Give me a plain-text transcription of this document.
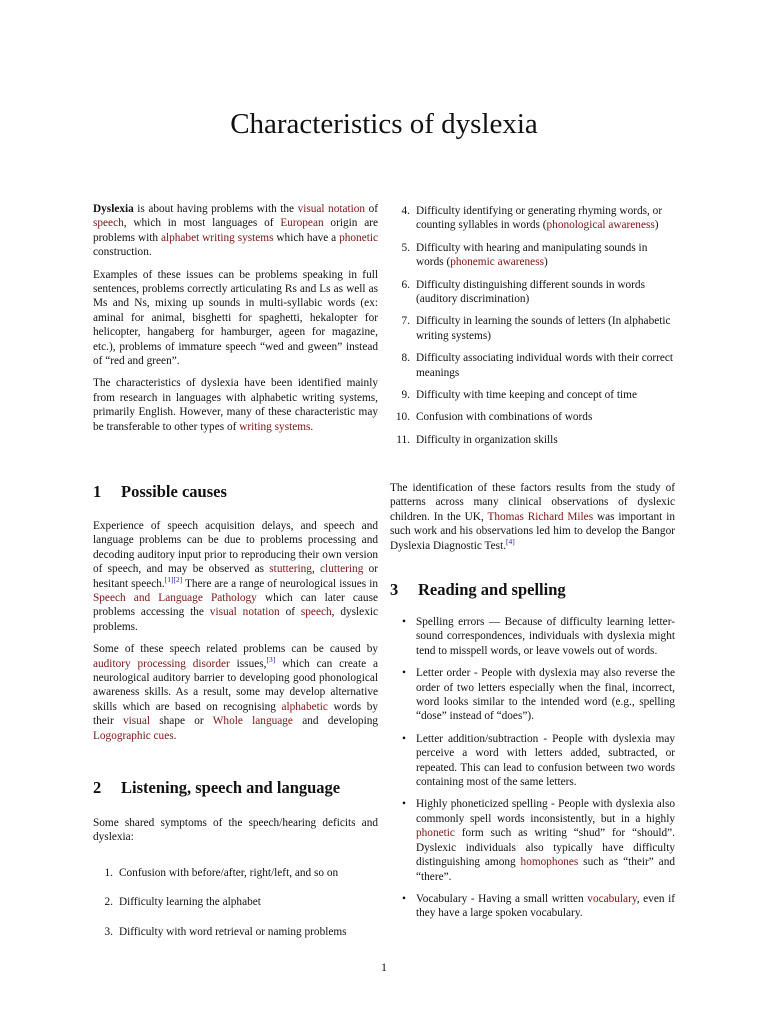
Characteristics of dyslexia

Dyslexia is about having problems with the visual notation of speech, which in most languages of European origin are problems with alphabet writing systems which have a phonetic construction.

Examples of these issues can be problems speaking in full sentences, problems correctly articulating Rs and Ls as well as Ms and Ns, mixing up sounds in multi-syllabic words (ex: aminal for animal, bisghetti for spaghetti, hekalopter for helicopter, hangaberg for hamburger, ageen for magazine, etc.), problems of immature speech “wed and gween” instead of “red and green”.

The characteristics of dyslexia have been identified mainly from research in languages with alphabetic writing systems, primarily English. However, many of these characteristic may be transferable to other types of writing systems.

1 Possible causes

Experience of speech acquisition delays, and speech and language problems can be due to problems processing and decoding auditory input prior to reproducing their own version of speech, and may be observed as stuttering, cluttering or hesitant speech.[1][2] There are a range of neurological issues in Speech and Language Pathology which can later cause problems accessing the visual notation of speech, dyslexic problems.

Some of these speech related problems can be caused by auditory processing disorder issues,[3] which can create a neurological auditory barrier to developing good phonological awareness skills. As a result, some may develop alternative skills which are based on recognising alphabetic words by their visual shape or Whole language and developing Logographic cues.

2 Listening, speech and language

Some shared symptoms of the speech/hearing deficits and dyslexia:

1. Confusion with before/after, right/left, and so on
2. Difficulty learning the alphabet
3. Difficulty with word retrieval or naming problems
4. Difficulty identifying or generating rhyming words, or counting syllables in words (phonological awareness)
5. Difficulty with hearing and manipulating sounds in words (phonemic awareness)
6. Difficulty distinguishing different sounds in words (auditory discrimination)
7. Difficulty in learning the sounds of letters (In alphabetic writing systems)
8. Difficulty associating individual words with their correct meanings
9. Difficulty with time keeping and concept of time
10. Confusion with combinations of words
11. Difficulty in organization skills

The identification of these factors results from the study of patterns across many clinical observations of dyslexic children. In the UK, Thomas Richard Miles was important in such work and his observations led him to develop the Bangor Dyslexia Diagnostic Test.[4]

3 Reading and spelling
• Spelling errors — Because of difficulty learning letter-sound correspondences, individuals with dyslexia might tend to misspell words, or leave vowels out of words.
• Letter order - People with dyslexia may also reverse the order of two letters especially when the final, incorrect, word looks similar to the intended word (e.g., spelling “dose” instead of “does”).
• Letter addition/subtraction - People with dyslexia may perceive a word with letters added, subtracted, or repeated. This can lead to confusion between two words containing most of the same letters.
• Highly phoneticized spelling - People with dyslexia also commonly spell words inconsistently, but in a highly phonetic form such as writing “shud” for “should”. Dyslexic individuals also typically have difficulty distinguishing among homophones such as “their” and “there”.
• Vocabulary - Having a small written vocabulary, even if they have a large spoken vocabulary.
1
